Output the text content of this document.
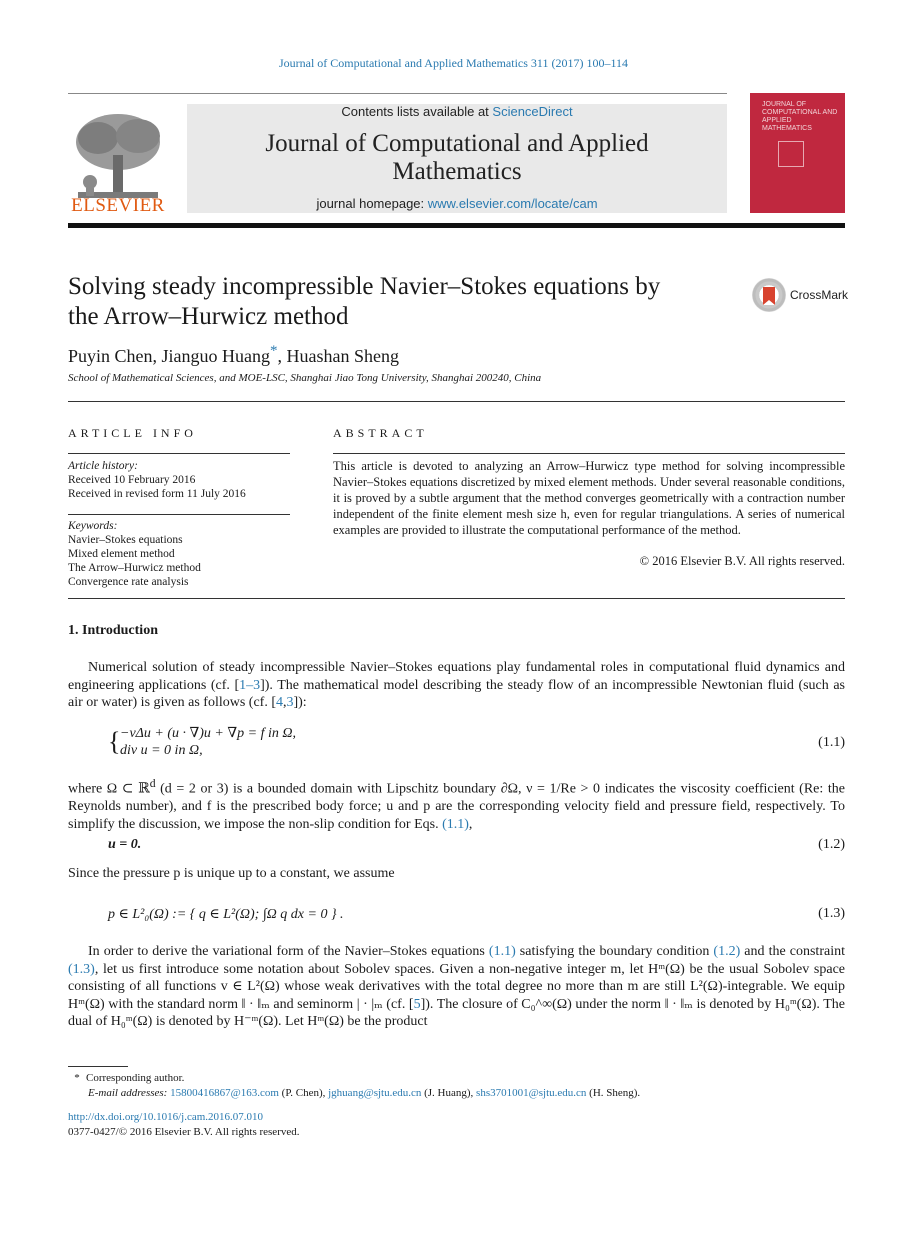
Journal of Computational and Applied Mathematics 311 (2017) 100–114
ELSEVIER
Contents lists available at ScienceDirect
Journal of Computational and Applied
Mathematics
journal homepage: www.elsevier.com/locate/cam
JOURNAL OF COMPUTATIONAL AND APPLIED MATHEMATICS
Solving steady incompressible Navier–Stokes equations by
the Arrow–Hurwicz method
CrossMark
Puyin Chen, Jianguo Huang*, Huashan Sheng
School of Mathematical Sciences, and MOE-LSC, Shanghai Jiao Tong University, Shanghai 200240, China
ARTICLE INFO
Article history:
Received 10 February 2016
Received in revised form 11 July 2016
Keywords:
Navier–Stokes equations
Mixed element method
The Arrow–Hurwicz method
Convergence rate analysis
ABSTRACT
This article is devoted to analyzing an Arrow–Hurwicz type method for solving incompressible Navier–Stokes equations discretized by mixed element methods. Under several reasonable conditions, it is proved by a subtle argument that the method converges geometrically with a contraction number independent of the finite element mesh size h, even for regular triangulations. A series of numerical examples are provided to illustrate the computational performance of the method.
© 2016 Elsevier B.V. All rights reserved.
1. Introduction
Numerical solution of steady incompressible Navier–Stokes equations play fundamental roles in computational fluid dynamics and engineering applications (cf. [1–3]). The mathematical model describing the steady flow of an incompressible Newtonian fluid (such as air or water) is given as follows (cf. [4,3]):
{ −νΔu + (u · ∇)u + ∇p = f in Ω,
div u = 0 in Ω,
(1.1)
where Ω ⊂ ℝ$^d$ (d = 2 or 3) is a bounded domain with Lipschitz boundary ∂Ω, ν = 1/Re > 0 indicates the viscosity coefficient (Re: the Reynolds number), and f is the prescribed body force; u and p are the corresponding velocity field and pressure field, respectively. To simplify the discussion, we impose the non-slip condition for Eqs. (1.1),
u = 0.	(1.2)
Since the pressure p is unique up to a constant, we assume
p ∈ L²₀(Ω) := { q ∈ L²(Ω); ∫Ω q dx = 0 } .	(1.3)
In order to derive the variational form of the Navier–Stokes equations (1.1) satisfying the boundary condition (1.2) and the constraint (1.3), let us first introduce some notation about Sobolev spaces. Given a non-negative integer m, let Hᵐ(Ω) be the usual Sobolev space consisting of all functions v ∈ L²(Ω) whose weak derivatives with the total degree no more than m are still L²(Ω)-integrable. We equip Hᵐ(Ω) with the standard norm ‖ · ‖ₘ and seminorm | · |ₘ (cf. [5]). The closure of C₀^∞(Ω) under the norm ‖ · ‖ₘ is denoted by H₀ᵐ(Ω). The dual of H₀ᵐ(Ω) is denoted by H⁻ᵐ(Ω). Let Hᵐ(Ω) be the product
* Corresponding author.
E-mail addresses: 15800416867@163.com (P. Chen), jghuang@sjtu.edu.cn (J. Huang), shs3701001@sjtu.edu.cn (H. Sheng).
http://dx.doi.org/10.1016/j.cam.2016.07.010
0377-0427/© 2016 Elsevier B.V. All rights reserved.
